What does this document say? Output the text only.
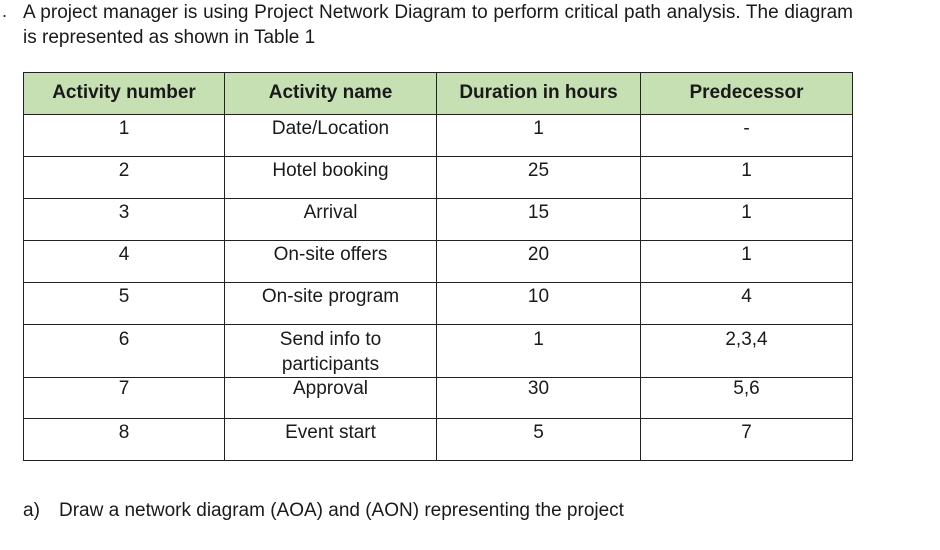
. A project manager is using Project Network Diagram to perform critical path analysis. The diagram is represented as shown in Table 1

Activity number	Activity name	Duration in hours	Predecessor
1	Date/Location	1	-
2	Hotel booking	25	1
3	Arrival	15	1
4	On-site offers	20	1
5	On-site program	10	4
6	Send info to participants	1	2,3,4
7	Approval	30	5,6
8	Event start	5	7

a) Draw a network diagram (AOA) and (AON) representing the project
